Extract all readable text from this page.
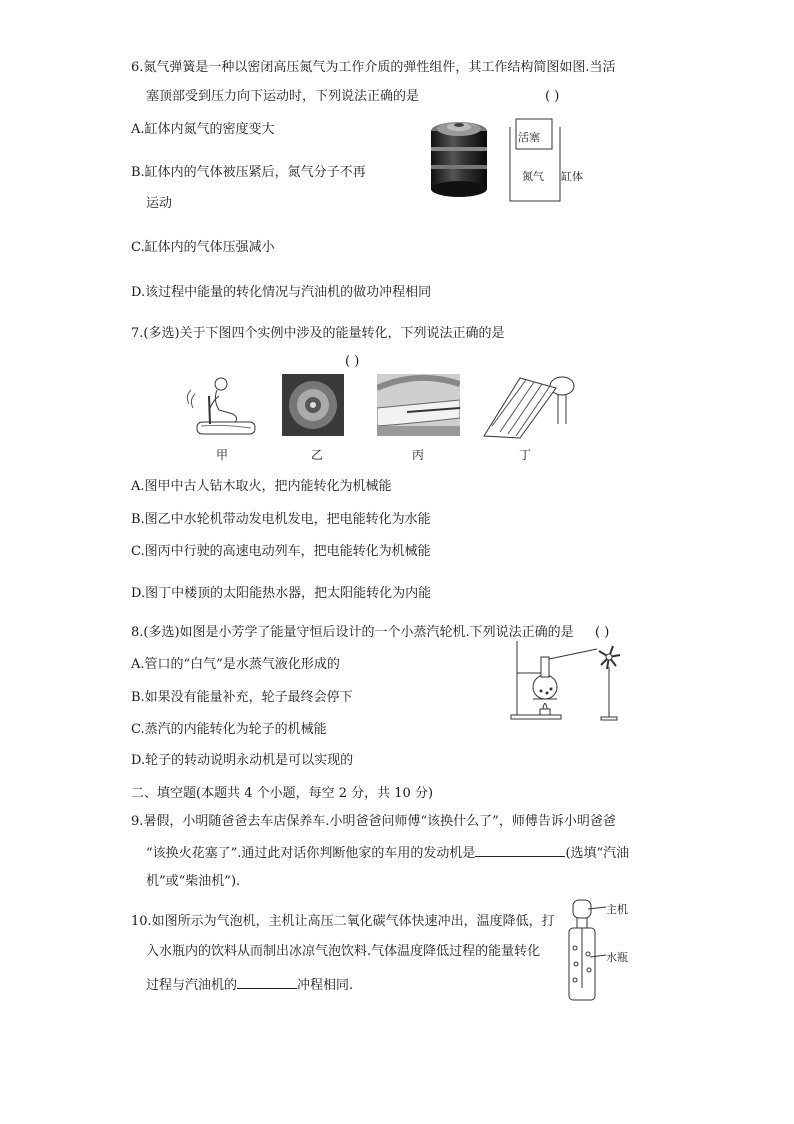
6.氮气弹簧是一种以密闭高压氮气为工作介质的弹性组件，其工作结构简图如图.当活
塞顶部受到压力向下运动时，下列说法正确的是	( )
A.缸体内氮气的密度变大
B.缸体内的气体被压紧后，氮气分子不再
运动
C.缸体内的气体压强减小
D.该过程中能量的转化情况与汽油机的做功冲程相同
活塞
氮气 缸体
7.(多选)关于下图四个实例中涉及的能量转化，下列说法正确的是
( )
甲	乙	丙	丁
A.图甲中古人钻木取火，把内能转化为机械能
B.图乙中水轮机带动发电机发电，把电能转化为水能
C.图丙中行驶的高速电动列车，把电能转化为机械能
D.图丁中楼顶的太阳能热水器，把太阳能转化为内能
8.(多选)如图是小芳学了能量守恒后设计的一个小蒸汽轮机.下列说法正确的是 ( )
A.管口的“白气”是水蒸气液化形成的
B.如果没有能量补充，轮子最终会停下
C.蒸汽的内能转化为轮子的机械能
D.轮子的转动说明永动机是可以实现的
二、填空题(本题共 4 个小题，每空 2 分，共 10 分)
9.暑假，小明随爸爸去车店保养车.小明爸爸问师傅“该换什么了”，师傅告诉小明爸爸
“该换火花塞了”.通过此对话你判断他家的车用的发动机是	(选填“汽油
机”或“柴油机”).
10.如图所示为气泡机，主机让高压二氧化碳气体快速冲出，温度降低，打
入水瓶内的饮料从而制出冰凉气泡饮料.气体温度降低过程的能量转化
过程与汽油机的	冲程相同.
主机
水瓶
